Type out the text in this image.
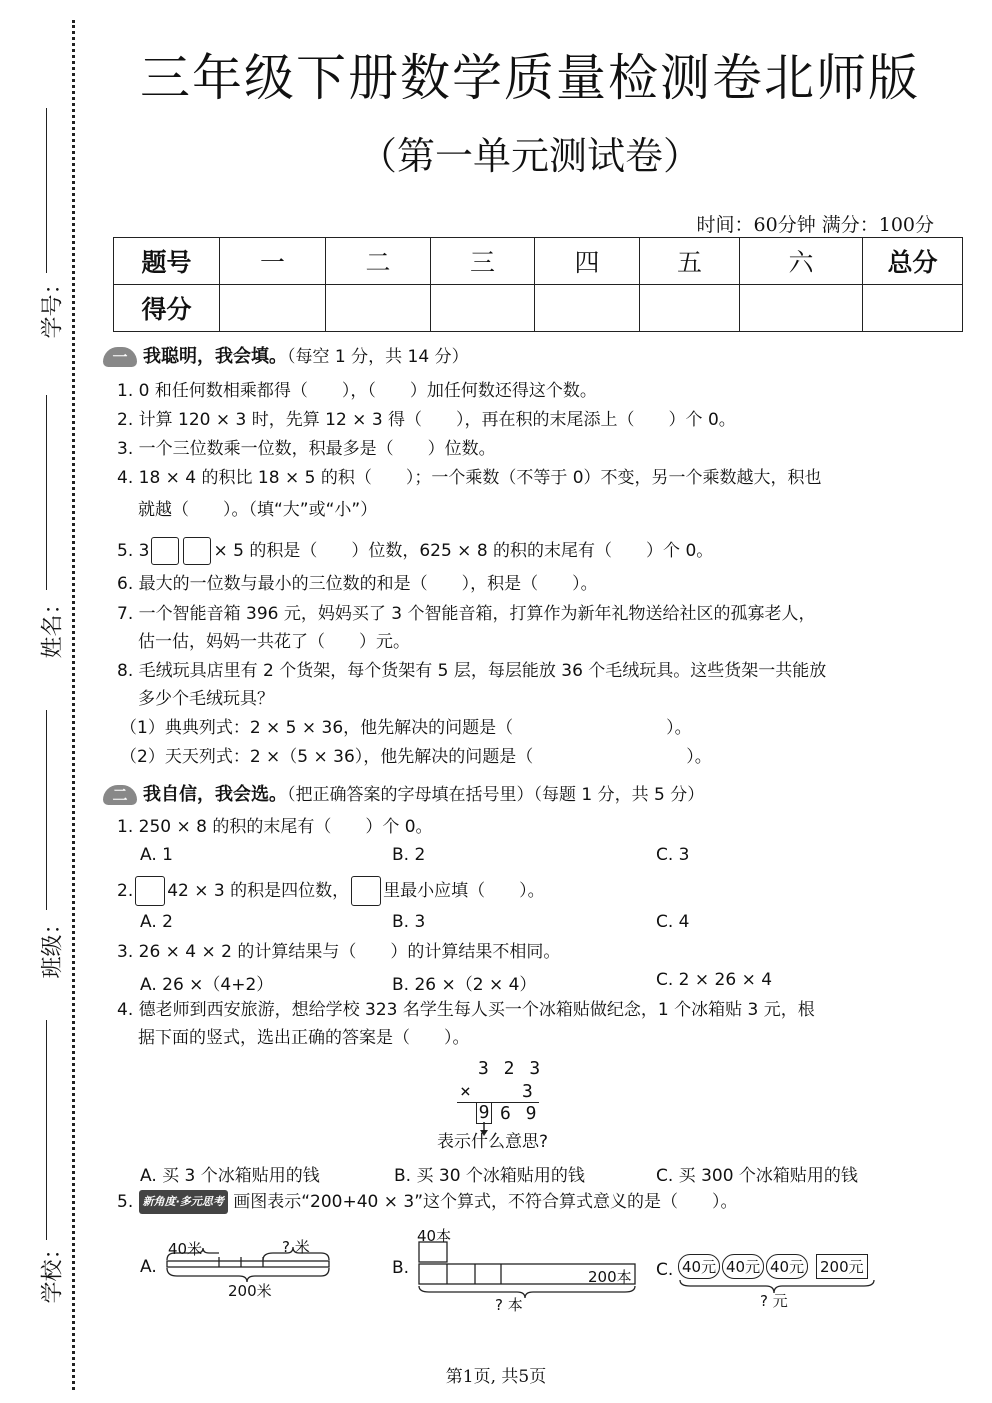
学号：
姓名：
班级：
学校：
三年级下册数学质量检测卷北师版
（第一单元测试卷）
时间：60分钟 满分：100分
题号	一	二	三	四	五	六	总分
得分							
一 我聪明，我会填。（每空 1 分，共 14 分）
1. 0 和任何数相乘都得（　　），（　　）加任何数还得这个数。
2. 计算 120 × 3 时，先算 12 × 3 得（　　），再在积的末尾添上（　　）个 0。
3. 一个三位数乘一位数，积最多是（　　）位数。
4. 18 × 4 的积比 18 × 5 的积（　　）；一个乘数（不等于 0）不变，另一个乘数越大，积也
就越（　　）。（填“大”或“小”）
5. 3	× 5 的积是（　　）位数，625 × 8 的积的末尾有（　　）个 0。
6. 最大的一位数与最小的三位数的和是（　　），积是（　　）。
7. 一个智能音箱 396 元，妈妈买了 3 个智能音箱，打算作为新年礼物送给社区的孤寡老人，
估一估，妈妈一共花了（　　）元。
8. 毛绒玩具店里有 2 个货架，每个货架有 5 层，每层能放 36 个毛绒玩具。这些货架一共能放
多少个毛绒玩具？
（1）典典列式：2 × 5 × 36，他先解决的问题是（　　　　　　　　　）。
（2）天天列式：2 ×（5 × 36），他先解决的问题是（　　　　　　　　　）。
二 我自信，我会选。（把正确答案的字母填在括号里）（每题 1 分，共 5 分）
1. 250 × 8 的积的末尾有（　　）个 0。
A. 1	B. 2	C. 3
2. 42 × 3 的积是四位数， 里最小应填（　　）。
A. 2	B. 3	C. 4
3. 26 × 4 × 2 的计算结果与（　　）的计算结果不相同。
A. 26 ×（4+2）	B. 26 ×（2 × 4）	C. 2 × 26 × 4
4. 德老师到西安旅游，想给学校 323 名学生每人买一个冰箱贴做纪念，1 个冰箱贴 3 元，根
据下面的竖式，选出正确的答案是（　　）。
3 2 3
×	3
9 6 9
表示什么意思?
A. 买 3 个冰箱贴用的钱	B. 买 30 个冰箱贴用的钱	C. 买 300 个冰箱贴用的钱
5. 新角度·多元思考 画图表示“200+40 × 3”这个算式，不符合算式意义的是（　　）。
A.
40米	? 米
200米
B.
40本
200本
? 本
C. 40元 40元 40元 200元
? 元
第1页, 共5页
